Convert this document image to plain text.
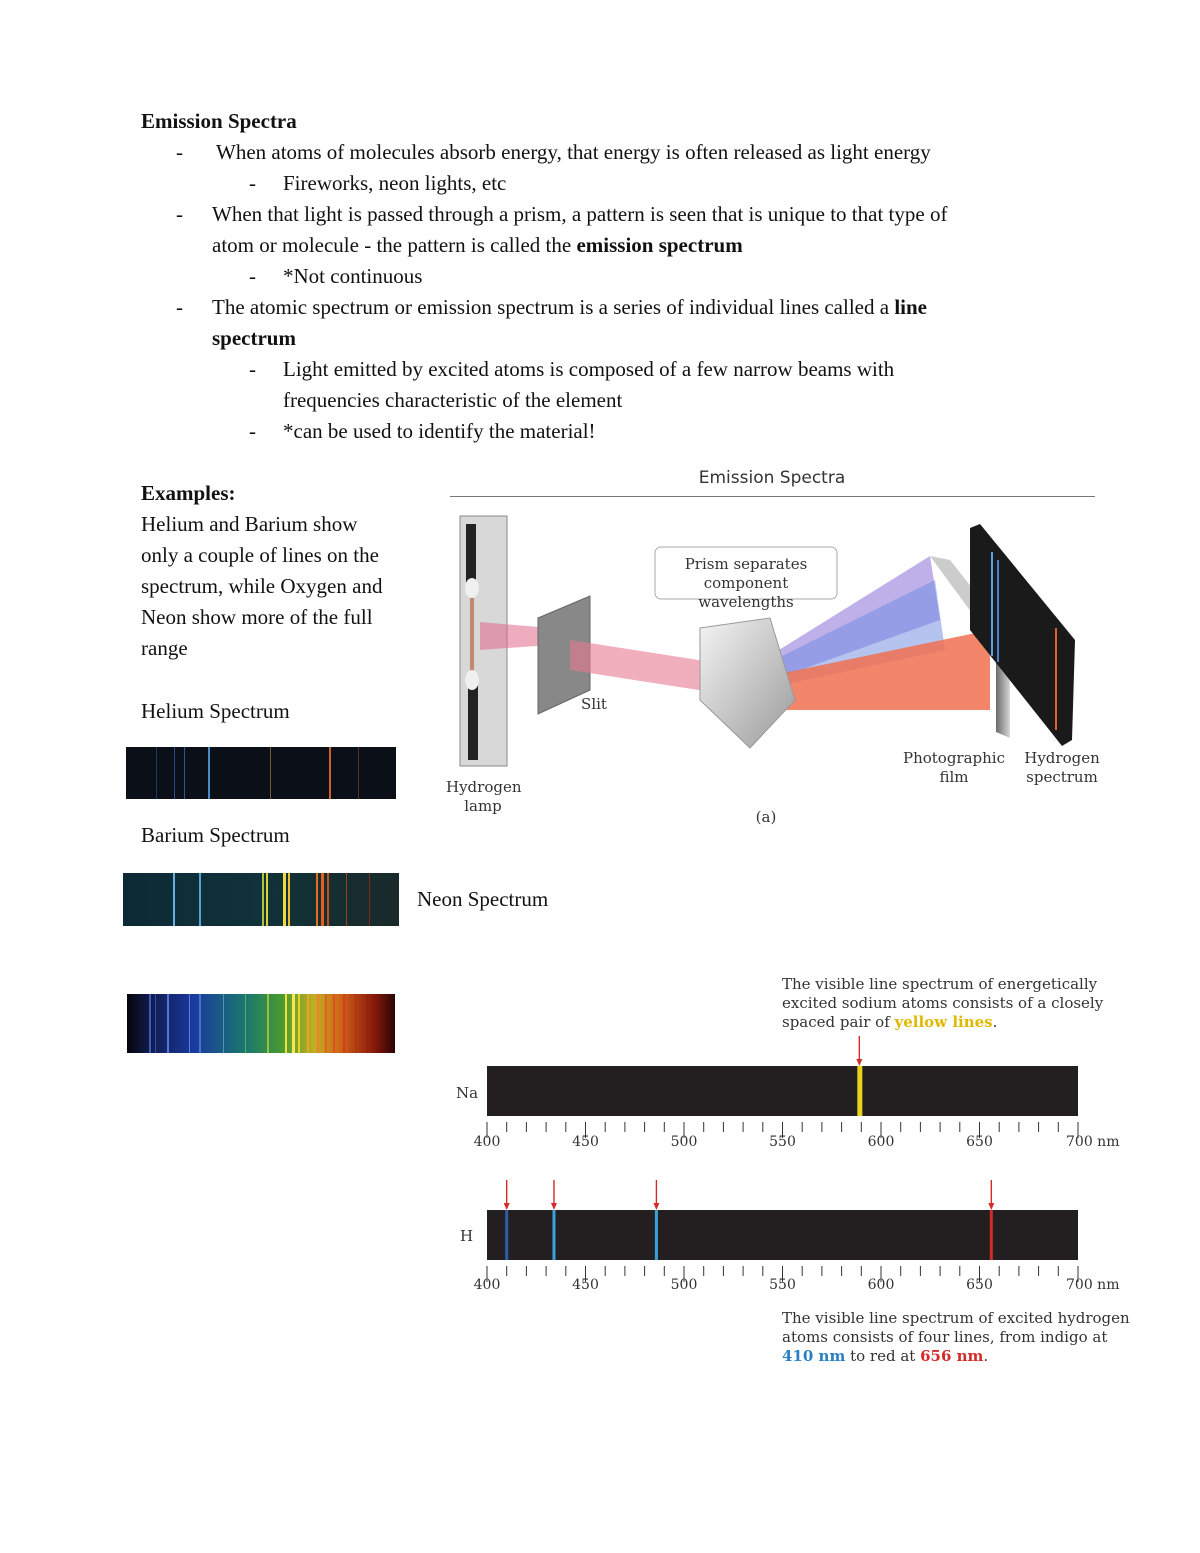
Emission Spectra
- When atoms of molecules absorb energy, that energy is often released as light energy
- Fireworks, neon lights, etc
- When that light is passed through a prism, a pattern is seen that is unique to that type of
atom or molecule - the pattern is called the emission spectrum
- *Not continuous
- The atomic spectrum or emission spectrum is a series of individual lines called a line
spectrum
- Light emitted by excited atoms is composed of a few narrow beams with
frequencies characteristic of the element
- *can be used to identify the material!
Examples:
Helium and Barium show
only a couple of lines on the
spectrum, while Oxygen and
Neon show more of the full
range
Helium Spectrum
Barium Spectrum
Neon Spectrum
Emission Spectra
Prism separates
component wavelengths
Slit
Hydrogen
lamp
Photographic
film
Hydrogen
spectrum
(a)
The visible line spectrum of energetically
excited sodium atoms consists of a closely
spaced pair of yellow lines.
Na
H
400	450	500	550	600	650	700 nm
400	450	500	550	600	650	700 nm
The visible line spectrum of excited hydrogen
atoms consists of four lines, from indigo at
410 nm to red at 656 nm.
